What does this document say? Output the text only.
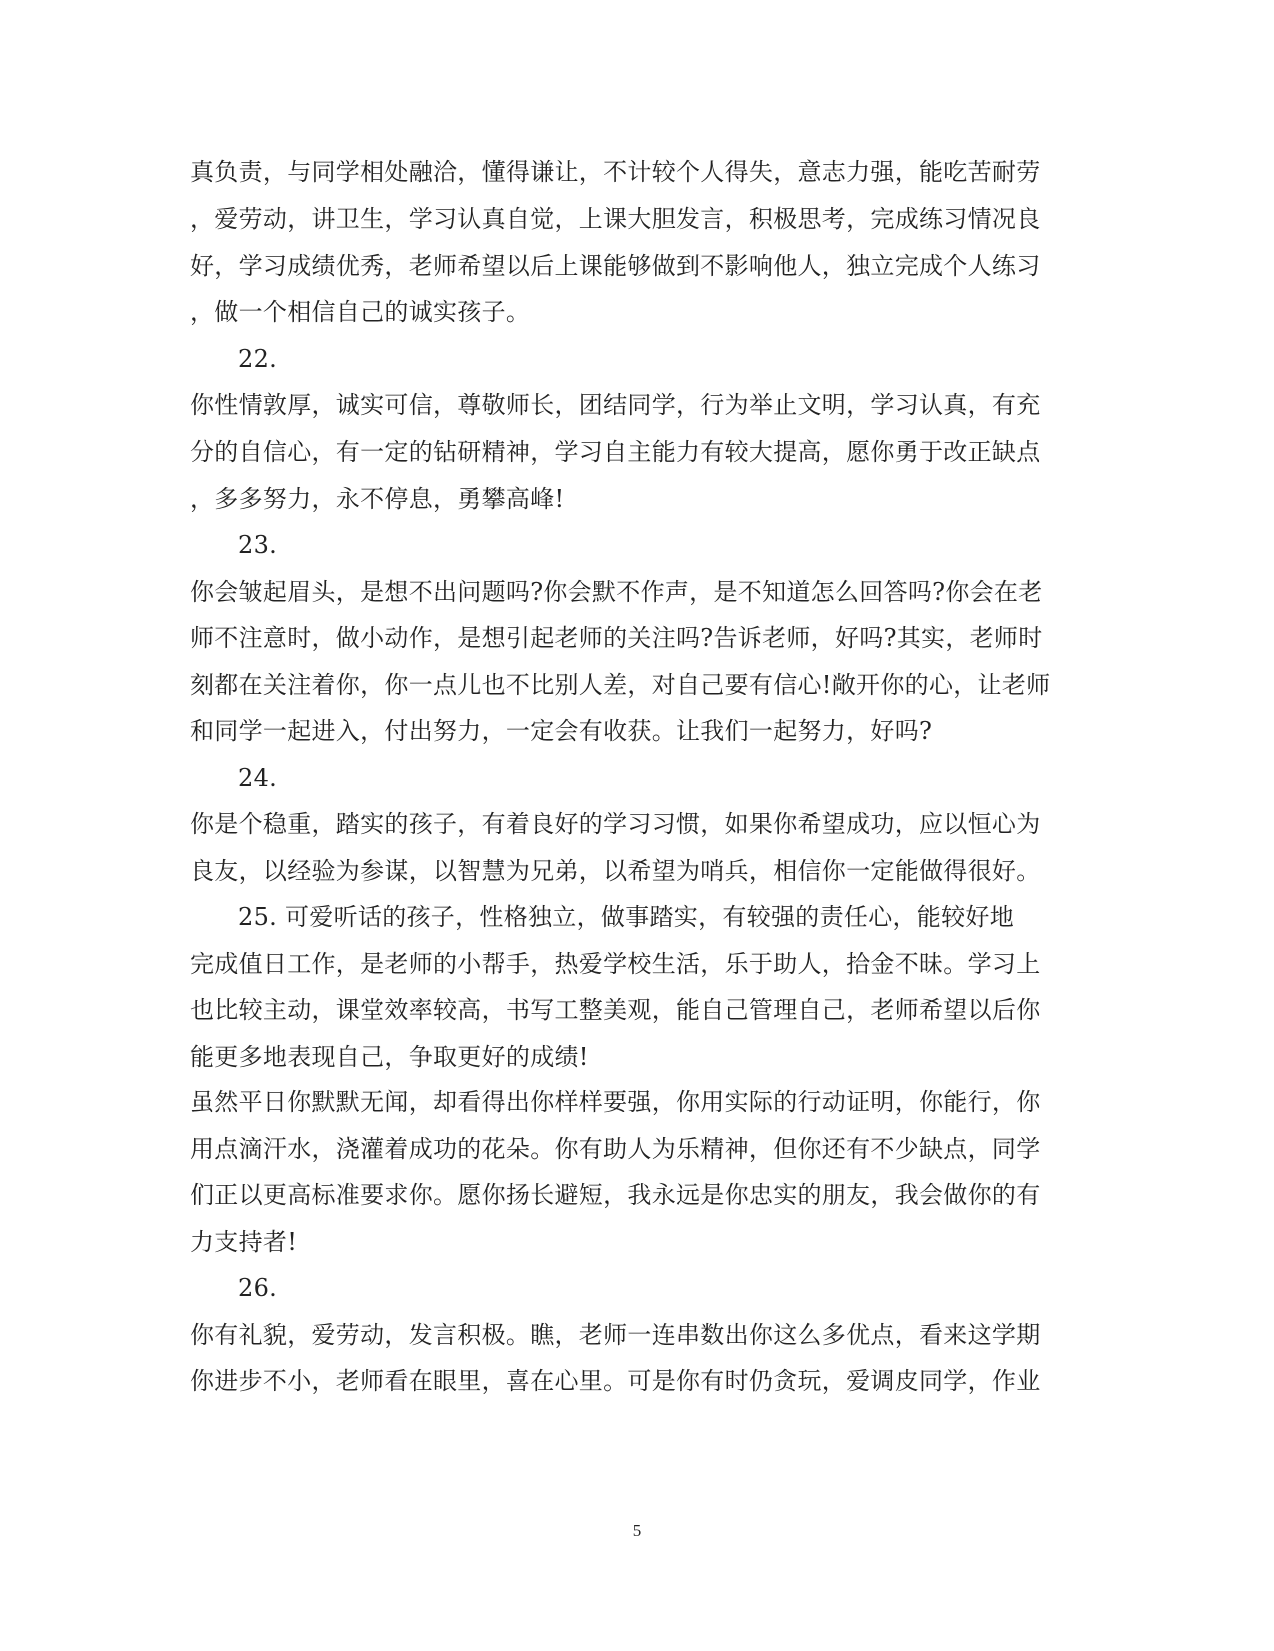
真负责，与同学相处融洽，懂得谦让，不计较个人得失，意志力强，能吃苦耐劳
，爱劳动，讲卫生，学习认真自觉，上课大胆发言，积极思考，完成练习情况良
好，学习成绩优秀，老师希望以后上课能够做到不影响他人，独立完成个人练习
，做一个相信自己的诚实孩子。
22.
你性情敦厚，诚实可信，尊敬师长，团结同学，行为举止文明，学习认真，有充
分的自信心，有一定的钻研精神，学习自主能力有较大提高，愿你勇于改正缺点
，多多努力，永不停息，勇攀高峰!
23.
你会皱起眉头，是想不出问题吗?你会默不作声，是不知道怎么回答吗?你会在老
师不注意时，做小动作，是想引起老师的关注吗?告诉老师，好吗?其实，老师时
刻都在关注着你，你一点儿也不比别人差，对自己要有信心!敞开你的心，让老师
和同学一起进入，付出努力，一定会有收获。让我们一起努力，好吗?
24.
你是个稳重，踏实的孩子，有着良好的学习习惯，如果你希望成功，应以恒心为
良友，以经验为参谋，以智慧为兄弟，以希望为哨兵，相信你一定能做得很好。
25. 可爱听话的孩子，性格独立，做事踏实，有较强的责任心，能较好地
完成值日工作，是老师的小帮手，热爱学校生活，乐于助人，拾金不昧。学习上
也比较主动，课堂效率较高，书写工整美观，能自己管理自己，老师希望以后你
能更多地表现自己，争取更好的成绩!
虽然平日你默默无闻，却看得出你样样要强，你用实际的行动证明，你能行，你
用点滴汗水，浇灌着成功的花朵。你有助人为乐精神，但你还有不少缺点，同学
们正以更高标准要求你。愿你扬长避短，我永远是你忠实的朋友，我会做你的有
力支持者!
26.
你有礼貌，爱劳动，发言积极。瞧，老师一连串数出你这么多优点，看来这学期
你进步不小，老师看在眼里，喜在心里。可是你有时仍贪玩，爱调皮同学，作业
5
